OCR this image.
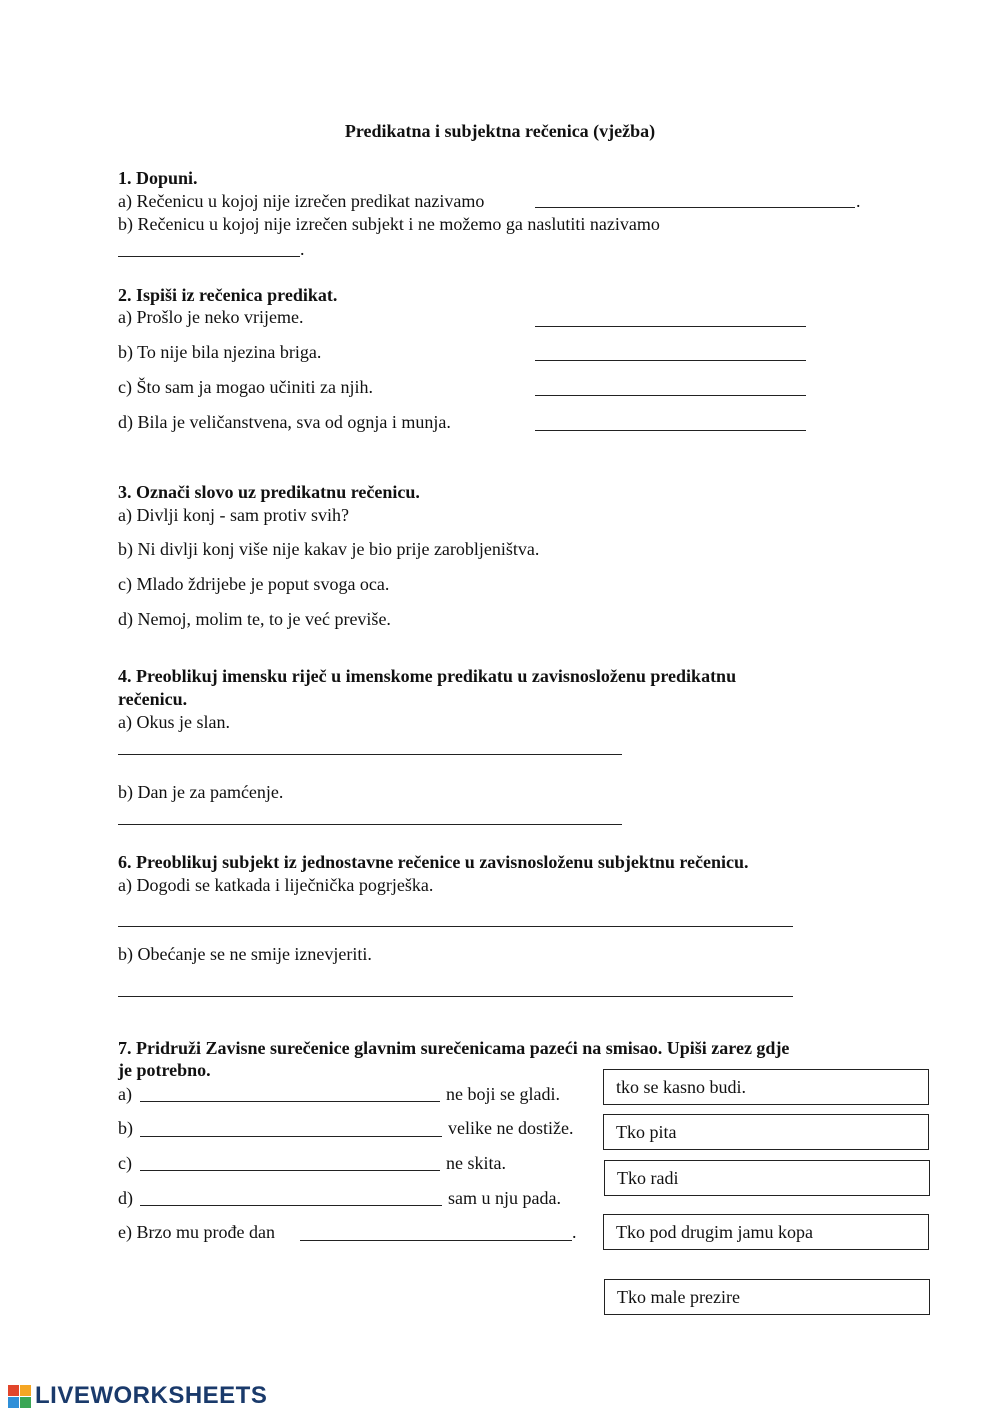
Predikatna i subjektna rečenica (vježba)
1. Dopuni.
a) Rečenicu u kojoj nije izrečen predikat nazivamo	.
b) Rečenicu u kojoj nije izrečen subjekt i ne možemo ga naslutiti nazivamo
.
2. Ispiši iz rečenica predikat.
a) Prošlo je neko vrijeme.
b) To nije bila njezina briga.
c) Što sam ja mogao učiniti za njih.
d) Bila je veličanstvena, sva od ognja i munja.
3. Označi slovo uz predikatnu rečenicu.
a) Divlji konj - sam protiv svih?
b) Ni divlji konj više nije kakav je bio prije zarobljeništva.
c) Mlado ždrijebe je poput svoga oca.
d) Nemoj, molim te, to je već previše.
4. Preoblikuj imensku riječ u imenskome predikatu u zavisnosloženu predikatnu
rečenicu.
a) Okus je slan.
b) Dan je za pamćenje.
6. Preoblikuj subjekt iz jednostavne rečenice u zavisnosloženu subjektnu rečenicu.
a) Dogodi se katkada i liječnička pogrješka.
b) Obećanje se ne smije iznevjeriti.
7. Pridruži Zavisne surečenice glavnim surečenicama pazeći na smisao. Upiši zarez gdje
je potrebno.
a)	ne boji se gladi.
b)	velike ne dostiže.
c)	ne skita.
d)	sam u nju pada.
e) Brzo mu prođe dan	.
tko se kasno budi.
Tko pita
Tko radi
Tko pod drugim jamu kopa
Tko male prezire
LIVEWORKSHEETS
